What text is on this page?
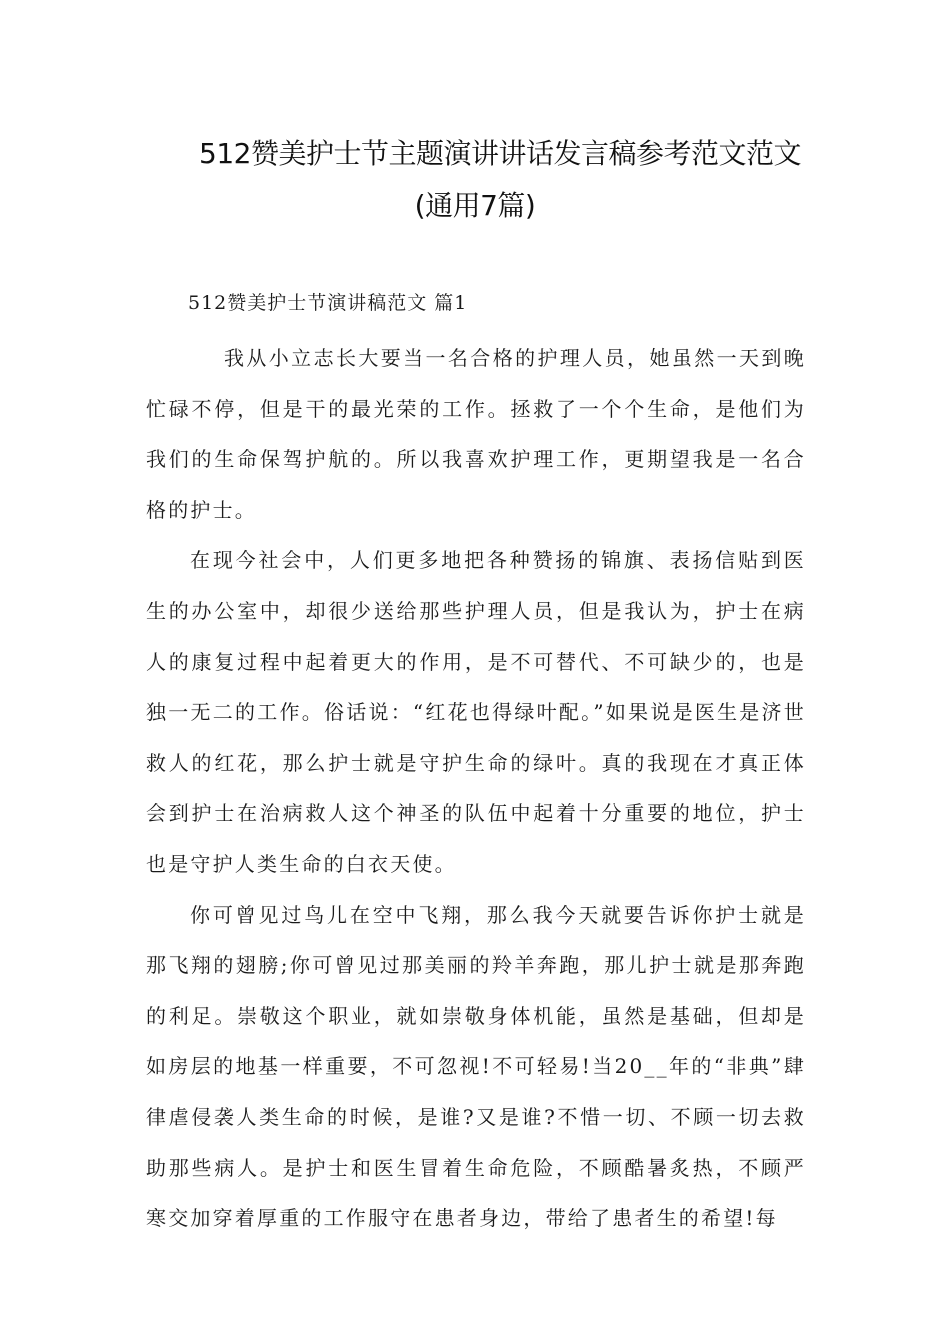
512赞美护士节主题演讲讲话发言稿参考范文范文
(通用7篇)
512赞美护士节演讲稿范文 篇1

我从小立志长大要当一名合格的护理人员，她虽然一天到晚忙碌不停，但是干的最光荣的工作。拯救了一个个生命，是他们为我们的生命保驾护航的。所以我喜欢护理工作，更期望我是一名合格的护士。

在现今社会中，人们更多地把各种赞扬的锦旗、表扬信贴到医生的办公室中，却很少送给那些护理人员，但是我认为，护士在病人的康复过程中起着更大的作用，是不可替代、不可缺少的，也是独一无二的工作。俗话说：“红花也得绿叶配。”如果说是医生是济世救人的红花，那么护士就是守护生命的绿叶。真的我现在才真正体会到护士在治病救人这个神圣的队伍中起着十分重要的地位，护士也是守护人类生命的白衣天使。

你可曾见过鸟儿在空中飞翔，那么我今天就要告诉你护士就是那飞翔的翅膀;你可曾见过那美丽的羚羊奔跑，那儿护士就是那奔跑的利足。崇敬这个职业，就如崇敬身体机能，虽然是基础，但却是如房层的地基一样重要，不可忽视!不可轻易!当20__年的“非典”肆律虐侵袭人类生命的时候，是谁?又是谁?不惜一切、不顾一切去救助那些病人。是护士和医生冒着生命危险，不顾酷暑炙热，不顾严寒交加穿着厚重的工作服守在患者身边，带给了患者生的希望!每
